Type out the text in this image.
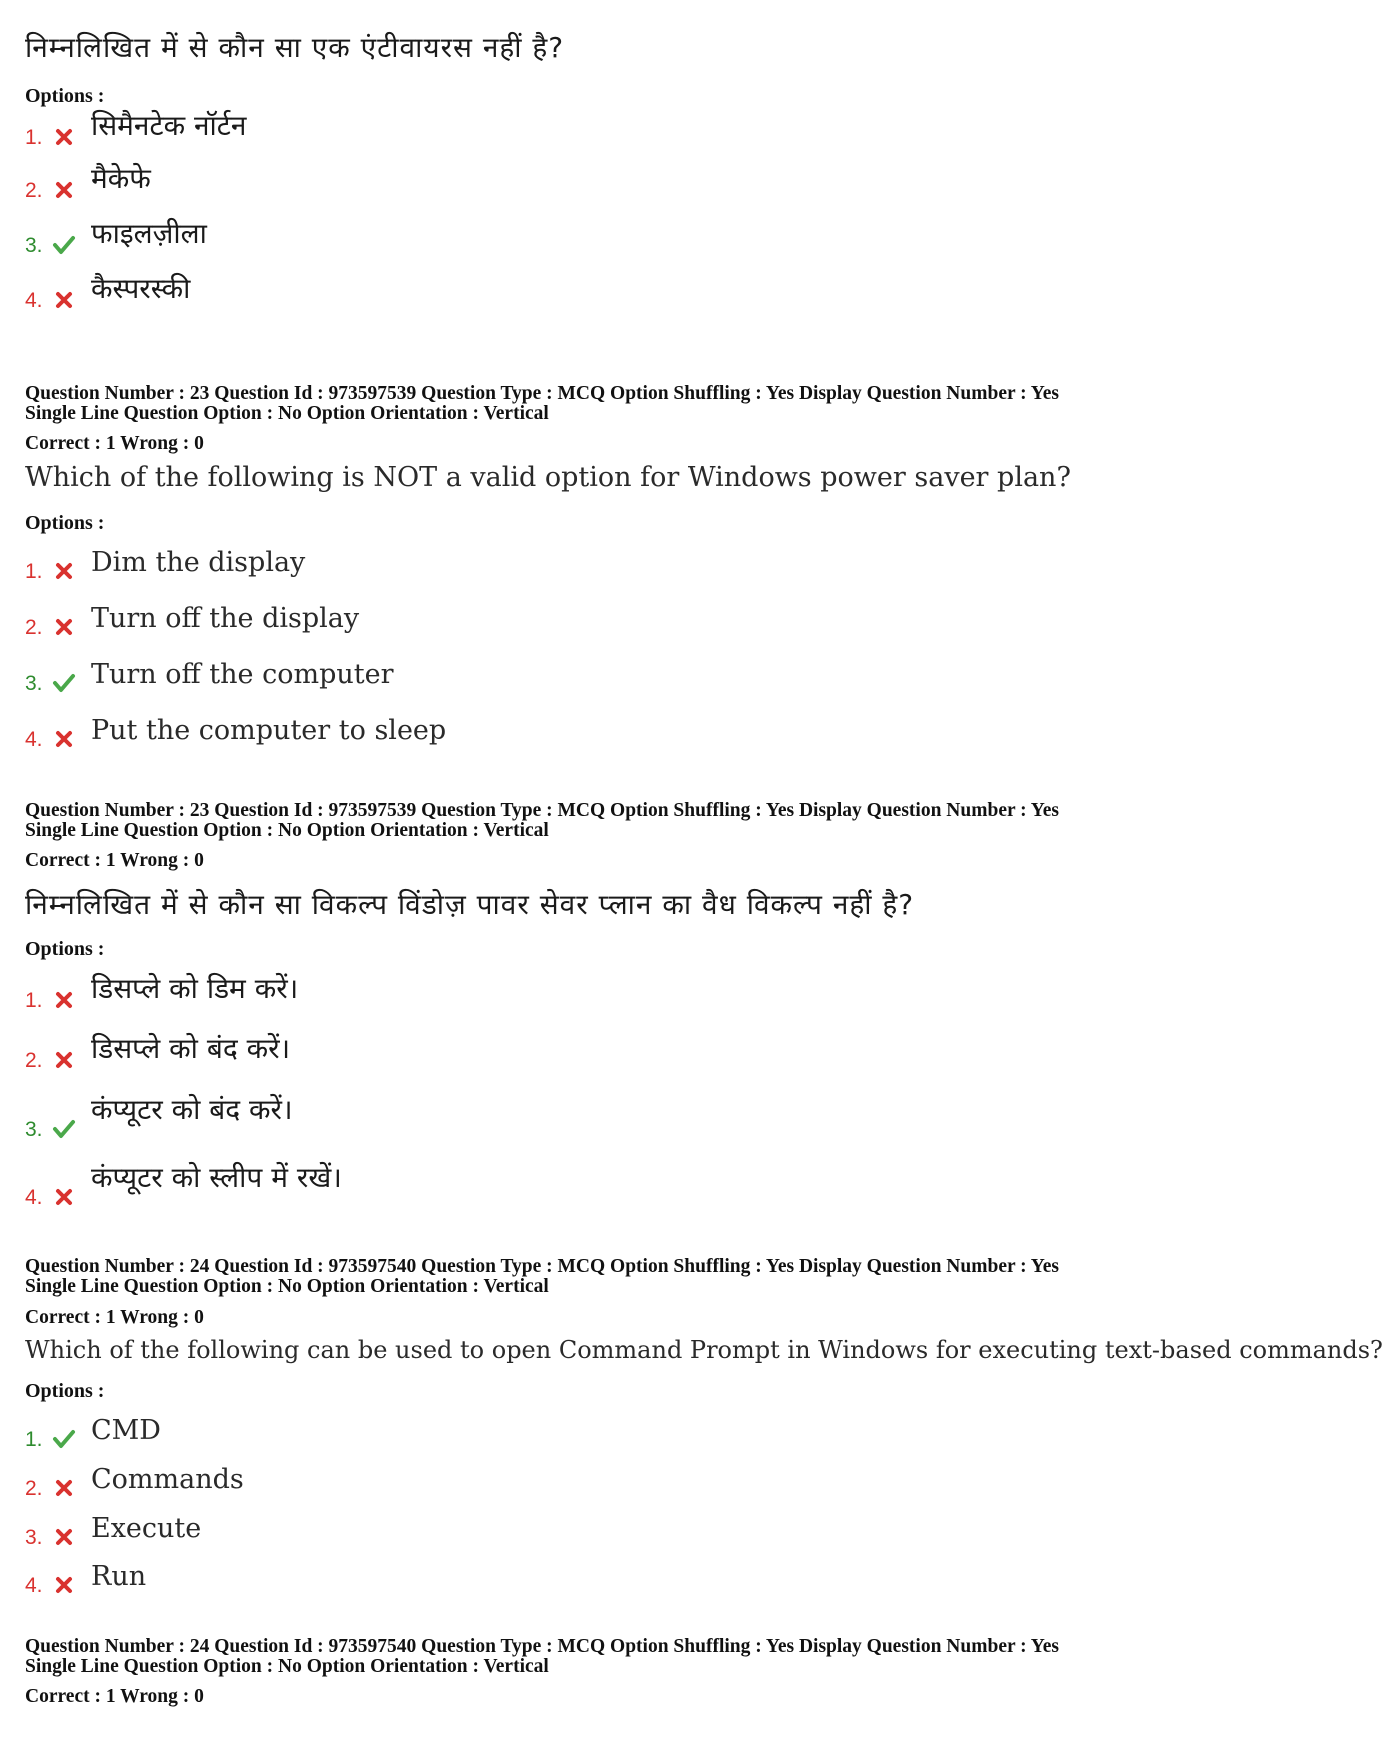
निम्नलिखित में से कौन सा एक एंटीवायरस नहीं है?
Options :
1. सिमैनटेक नॉर्टन
2. मैकेफे
3. फाइलज़ीला
4. कैस्परस्की
Question Number : 23 Question Id : 973597539 Question Type : MCQ Option Shuffling : Yes Display Question Number : Yes
Single Line Question Option : No Option Orientation : Vertical
Correct : 1 Wrong : 0
Which of the following is NOT a valid option for Windows power saver plan?
Options :
1. Dim the display
2. Turn off the display
3. Turn off the computer
4. Put the computer to sleep
Question Number : 23 Question Id : 973597539 Question Type : MCQ Option Shuffling : Yes Display Question Number : Yes
Single Line Question Option : No Option Orientation : Vertical
Correct : 1 Wrong : 0
निम्नलिखित में से कौन सा विकल्प विंडोज़ पावर सेवर प्लान का वैध विकल्प नहीं है?
Options :
1. डिसप्ले को डिम करें।
2. डिसप्ले को बंद करें।
3.
कंप्यूटर को बंद करें।
4.
कंप्यूटर को स्लीप में रखें।
Question Number : 24 Question Id : 973597540 Question Type : MCQ Option Shuffling : Yes Display Question Number : Yes
Single Line Question Option : No Option Orientation : Vertical
Correct : 1 Wrong : 0
Which of the following can be used to open Command Prompt in Windows for executing text-based commands?
Options :
1. CMD
2. Commands
3. Execute
4. Run
Question Number : 24 Question Id : 973597540 Question Type : MCQ Option Shuffling : Yes Display Question Number : Yes
Single Line Question Option : No Option Orientation : Vertical
Correct : 1 Wrong : 0
